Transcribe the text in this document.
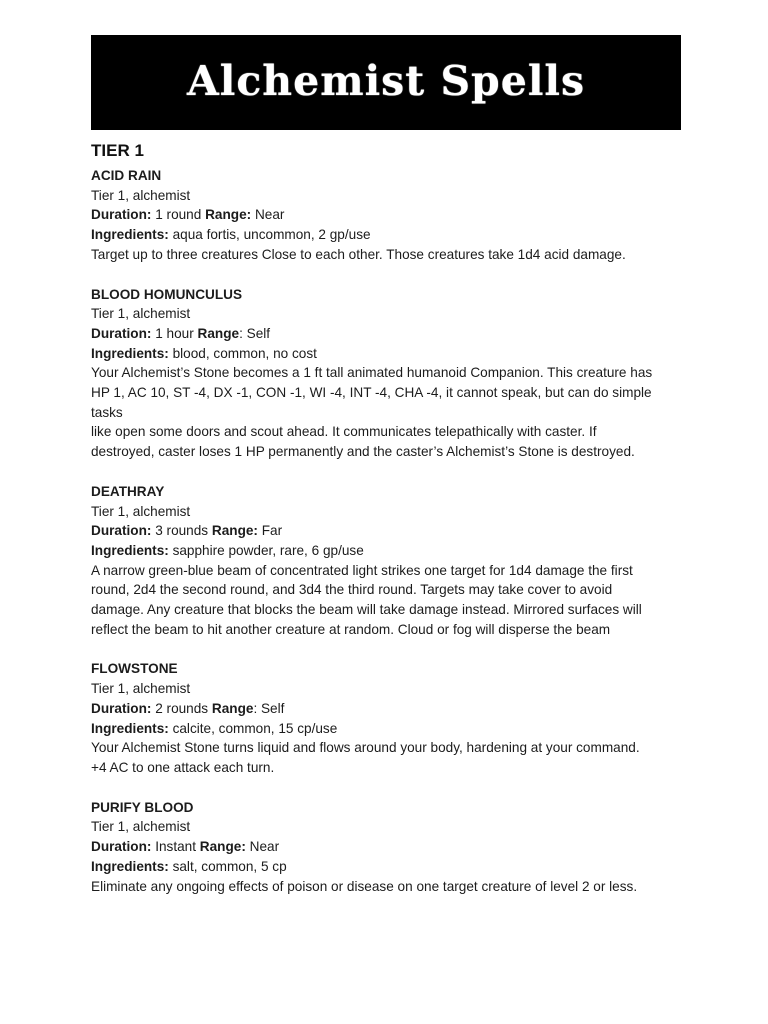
Alchemist Spells
TIER 1
ACID RAIN
Tier 1, alchemist
Duration: 1 round Range: Near
Ingredients: aqua fortis, uncommon, 2 gp/use
Target up to three creatures Close to each other. Those creatures take 1d4 acid damage.
BLOOD HOMUNCULUS
Tier 1, alchemist
Duration: 1 hour Range: Self
Ingredients: blood, common, no cost
Your Alchemist’s Stone becomes a 1 ft tall animated humanoid Companion. This creature has
HP 1, AC 10, ST -4, DX -1, CON -1, WI -4, INT -4, CHA -4, it cannot speak, but can do simple tasks
like open some doors and scout ahead. It communicates telepathically with caster. If
destroyed, caster loses 1 HP permanently and the caster’s Alchemist’s Stone is destroyed.
DEATHRAY
Tier 1, alchemist
Duration: 3 rounds Range: Far
Ingredients: sapphire powder, rare, 6 gp/use
A narrow green-blue beam of concentrated light strikes one target for 1d4 damage the first
round, 2d4 the second round, and 3d4 the third round. Targets may take cover to avoid
damage. Any creature that blocks the beam will take damage instead. Mirrored surfaces will
reflect the beam to hit another creature at random. Cloud or fog will disperse the beam
FLOWSTONE
Tier 1, alchemist
Duration: 2 rounds Range: Self
Ingredients: calcite, common, 15 cp/use
Your Alchemist Stone turns liquid and flows around your body, hardening at your command.
+4 AC to one attack each turn.
PURIFY BLOOD
Tier 1, alchemist
Duration: Instant Range: Near
Ingredients: salt, common, 5 cp
Eliminate any ongoing effects of poison or disease on one target creature of level 2 or less.
